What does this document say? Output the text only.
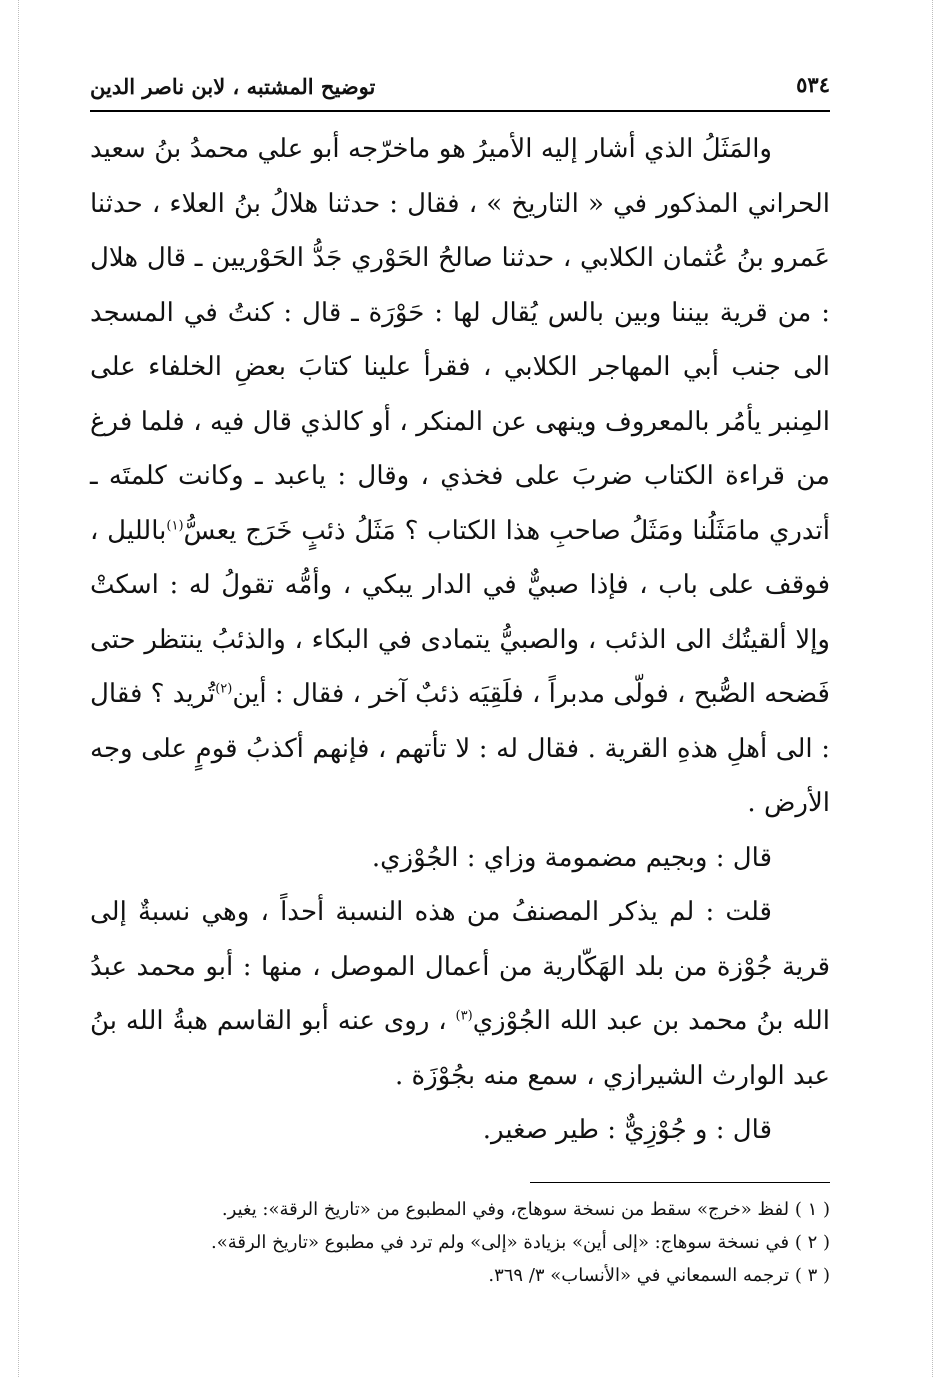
٥٣٤
توضيح المشتبه ، لابن ناصر الدين

والمَثَلُ الذي أشار إليه الأميرُ هو ماخرّجه أبو علي محمدُ بنُ سعيد الحراني المذكور في « التاريخ » ، فقال : حدثنا هلالُ بنُ العلاء ، حدثنا عَمرو بنُ عُثمان الكلابي ، حدثنا صالحُ الحَوْري جَدُّ الحَوْريين ـ قال هلال : من قرية بيننا وبين بالس يُقال لها : حَوْرَة ـ قال : كنتُ في المسجد الى جنب أبي المهاجر الكلابي ، فقرأ علينا كتابَ بعضِ الخلفاء على المِنبر يأمُر بالمعروف وينهى عن المنكر ، أو كالذي قال فيه ، فلما فرغ من قراءة الكتاب ضربَ على فخذي ، وقال : ياعبد ـ وكانت كلمتَه ـ أتدري مامَثَلُنا ومَثَلُ صاحبِ هذا الكتاب ؟ مَثَلُ ذئبٍ خَرَج يعسُّ$^{(١)}$بالليل ، فوقف على باب ، فإذا صبيٌّ في الدار يبكي ، وأمُّه تقولُ له : اسكتْ وإلا ألقيتُك الى الذئب ، والصبيُّ يتمادى في البكاء ، والذئبُ ينتظر حتى فَضحه الصُّبح ، فولّى مدبراً ، فلَقِيَه ذئبٌ آخر ، فقال : أين$^{(٢)}$تُريد ؟ فقال : الى أهلِ هذهِ القرية . فقال له : لا تأتهم ، فإنهم أكذبُ قومٍ على وجه الأرض .

قال : وبجيم مضمومة وزاي : الجُوْزي.

قلت : لم يذكر المصنفُ من هذه النسبة أحداً ، وهي نسبةٌ إلى قرية جُوْزة من بلد الهَكّارية من أعمال الموصل ، منها : أبو محمد عبدُ الله بنُ محمد بن عبد الله الجُوْزي$^{(٣)}$ ، روى عنه أبو القاسم هبةُ الله بنُ عبد الوارث الشيرازي ، سمع منه بجُوْزَة .

قال : و جُوْزِيٌّ : طير صغير.

( ١ ) لفظ «خرج» سقط من نسخة سوهاج، وفي المطبوع من «تاريخ الرقة»: يغير.

( ٢ ) في نسخة سوهاج: «إلى أين» بزيادة «إلى» ولم ترد في مطبوع «تاريخ الرقة».

( ٣ ) ترجمه السمعاني في «الأنساب» ٣/ ٣٦٩.
